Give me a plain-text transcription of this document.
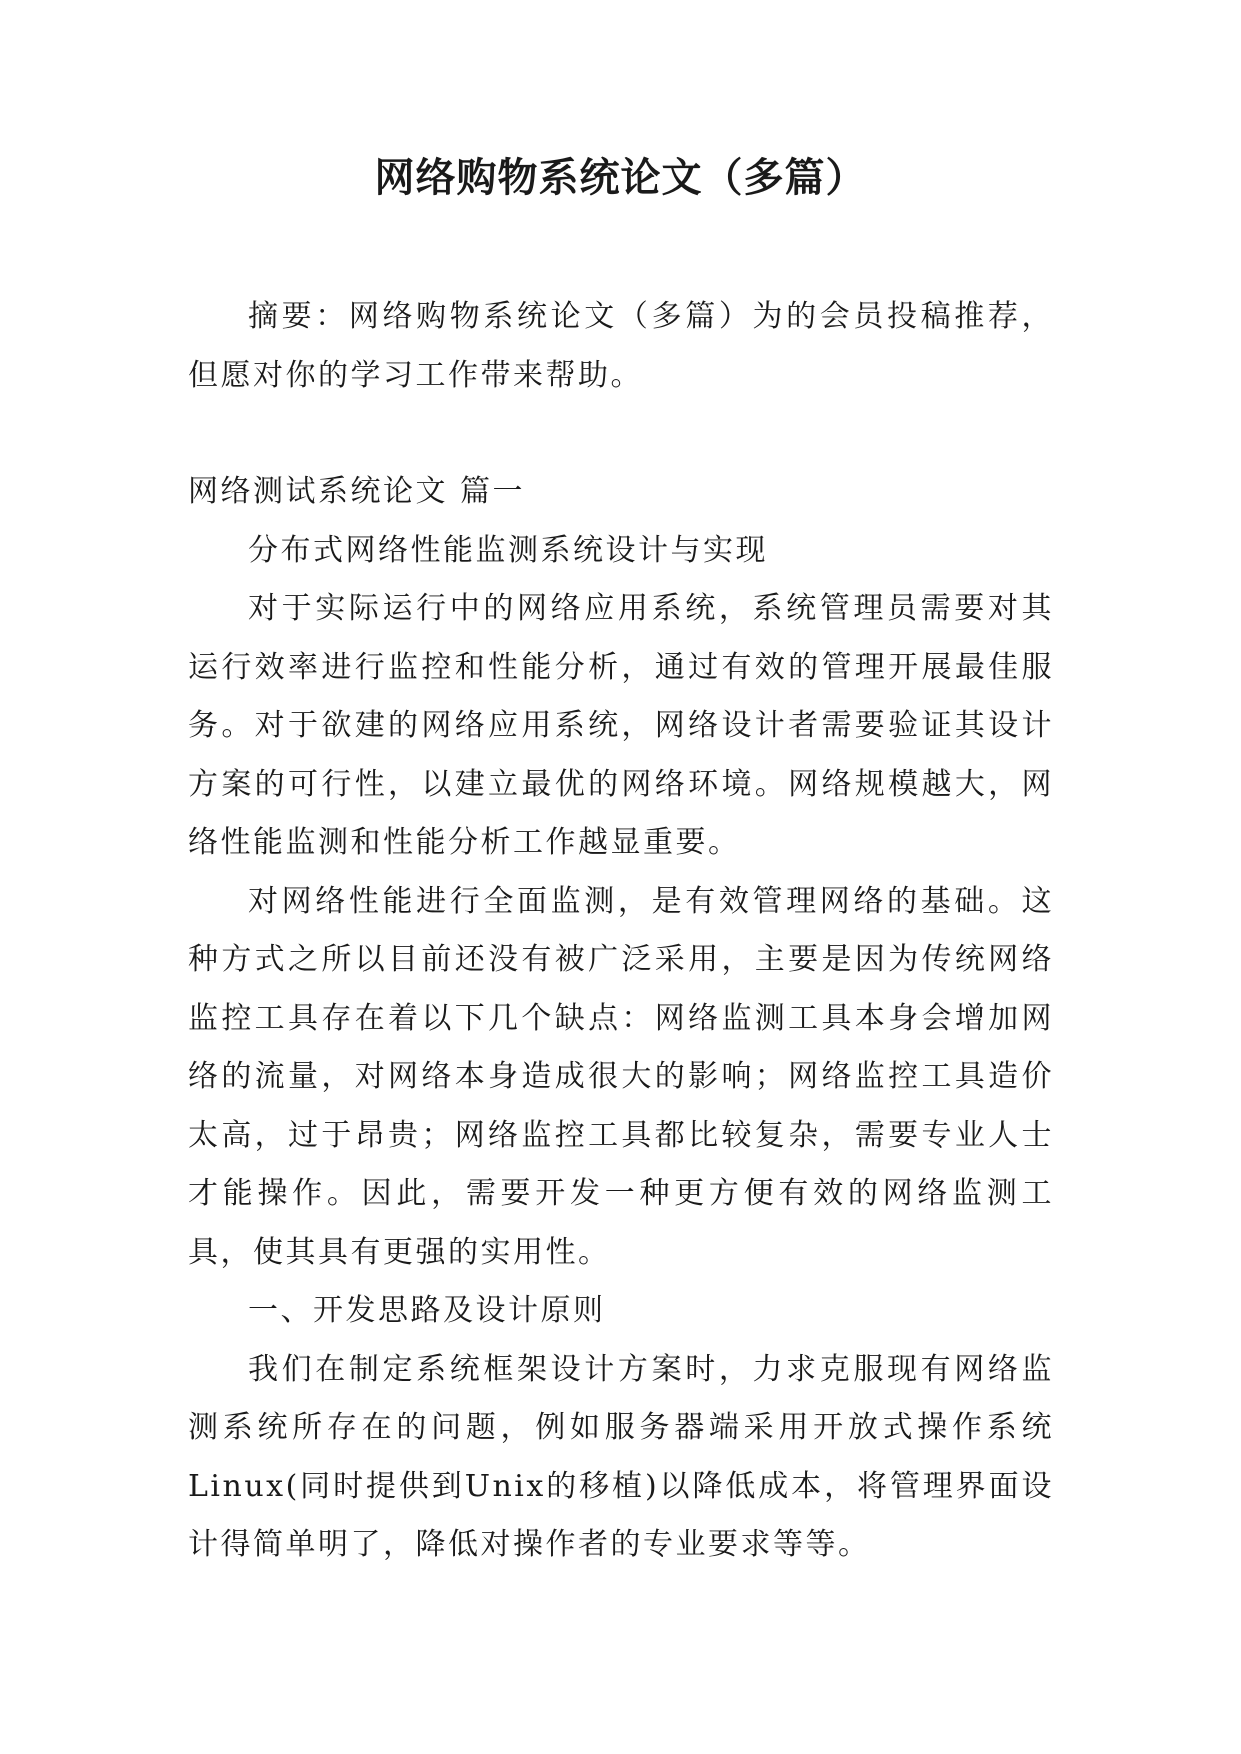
网络购物系统论文（多篇）

摘要：网络购物系统论文（多篇）为的会员投稿推荐，但愿对你的学习工作带来帮助。

网络测试系统论文 篇一

分布式网络性能监测系统设计与实现

对于实际运行中的网络应用系统，系统管理员需要对其运行效率进行监控和性能分析，通过有效的管理开展最佳服务。对于欲建的网络应用系统，网络设计者需要验证其设计方案的可行性，以建立最优的网络环境。网络规模越大，网络性能监测和性能分析工作越显重要。

对网络性能进行全面监测，是有效管理网络的基础。这种方式之所以目前还没有被广泛采用，主要是因为传统网络监控工具存在着以下几个缺点：网络监测工具本身会增加网络的流量，对网络本身造成很大的影响；网络监控工具造价太高，过于昂贵；网络监控工具都比较复杂，需要专业人士才能操作。因此，需要开发一种更方便有效的网络监测工具，使其具有更强的实用性。

一、开发思路及设计原则

我们在制定系统框架设计方案时，力求克服现有网络监测系统所存在的问题，例如服务器端采用开放式操作系统Linux(同时提供到Unix的移植)以降低成本，将管理界面设计得简单明了，降低对操作者的专业要求等等。
